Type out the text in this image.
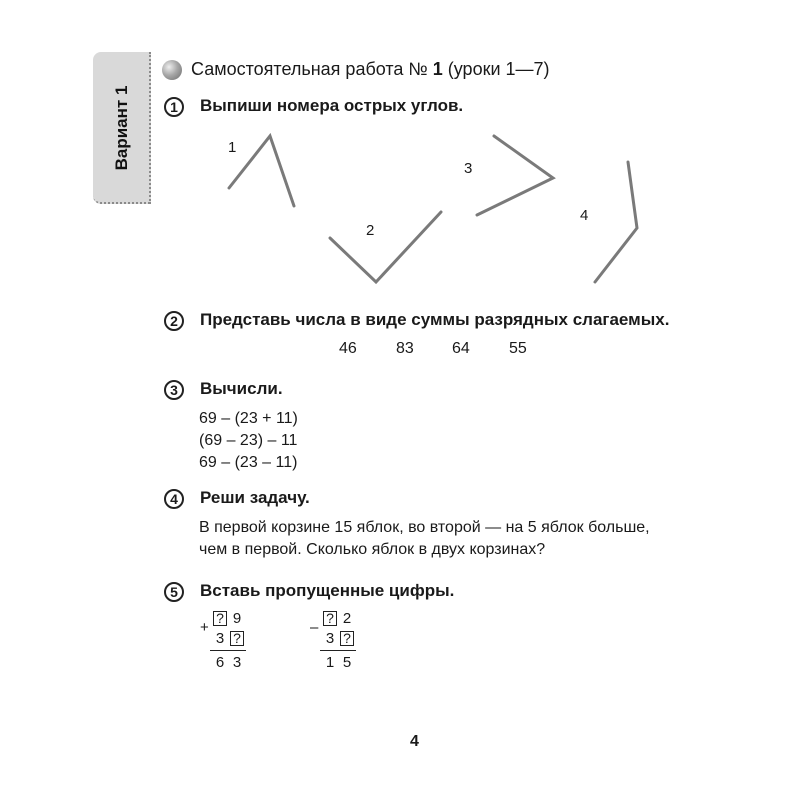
Вариант 1
Самостоятельная работа № 1 (уроки 1—7)
1	Выпиши номера острых углов.
1
2
3
4
2	Представь числа в виде суммы разрядных слагаемых.
46 83 64 55
3	Вычисли.
69 – (23 + 11)
(69 – 23) – 11
69 – (23 – 11)
4	Реши задачу.
В первой корзине 15 яблок, во второй — на 5 яблок больше,
чем в первой. Сколько яблок в двух корзинах?
5	Вставь пропущенные цифры.
+
? 9
3 ?
6 3
–
? 2
3 ?
1 5
4
